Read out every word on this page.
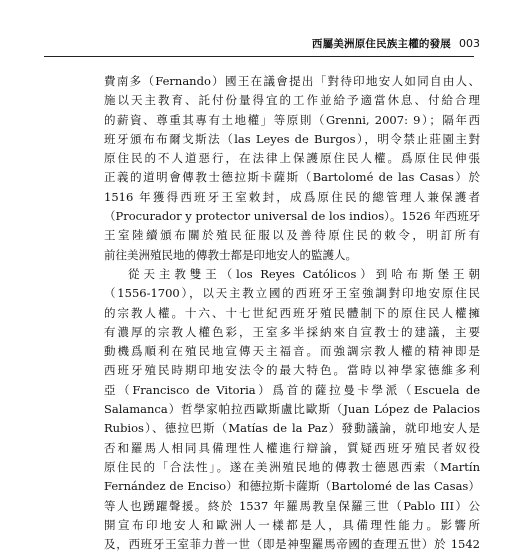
西屬美洲原住民族主權的發展 003
費南多（Fernando）國王在議會提出「對待印地安人如同自由人、
施以天主教育、託付份量得宜的工作並給予適當休息、付給合理
的薪資、尊重其專有土地權」等原則（Grenni, 2007: 9）；隔年西
班牙頒布布爾戈斯法（las Leyes de Burgos），明令禁止莊園主對
原住民的不人道惡行，在法律上保護原住民人權。爲原住民伸張
正義的道明會傳教士德拉斯卡薩斯（Bartolomé de las Casas）於
1516 年獲得西班牙王室敕封，成爲原住民的總管理人兼保護者
（Procurador y protector universal de los indios）。1526 年西班牙
王室陸續頒布關於殖民征服以及善待原住民的敕令，明訂所有
前往美洲殖民地的傳教士都是印地安人的監護人。
從天主教雙王（los Reyes Católicos）到哈布斯堡王朝
（1556-1700），以天主教立國的西班牙王室強調對印地安原住民
的宗教人權。十六、十七世紀西班牙殖民體制下的原住民人權擁
有濃厚的宗教人權色彩，王室多半採納來自宣教士的建議，主要
動機爲順利在殖民地宣傳天主福音。而強調宗教人權的精神即是
西班牙殖民時期印地安法令的最大特色。當時以神學家德維多利
亞（Francisco de Vitoria）爲首的薩拉曼卡學派（Escuela de
Salamanca）哲學家帕拉西歐斯盧比歐斯（Juan López de Palacios
Rubios）、德拉巴斯（Matías de la Paz）發動議論，就印地安人是
否和羅馬人相同具備理性人權進行辯論，質疑西班牙殖民者奴役
原住民的「合法性」。遂在美洲殖民地的傳教士德恩西索（Martín
Fernández de Enciso）和德拉斯卡薩斯（Bartolomé de las Casas）
等人也踴躍聲援。終於 1537 年羅馬教皇保羅三世（Pablo III）公
開宣布印地安人和歐洲人一樣都是人，具備理性能力。影響所
及，西班牙王室菲力普一世（即是神聖羅馬帝國的查理五世）於 1542
